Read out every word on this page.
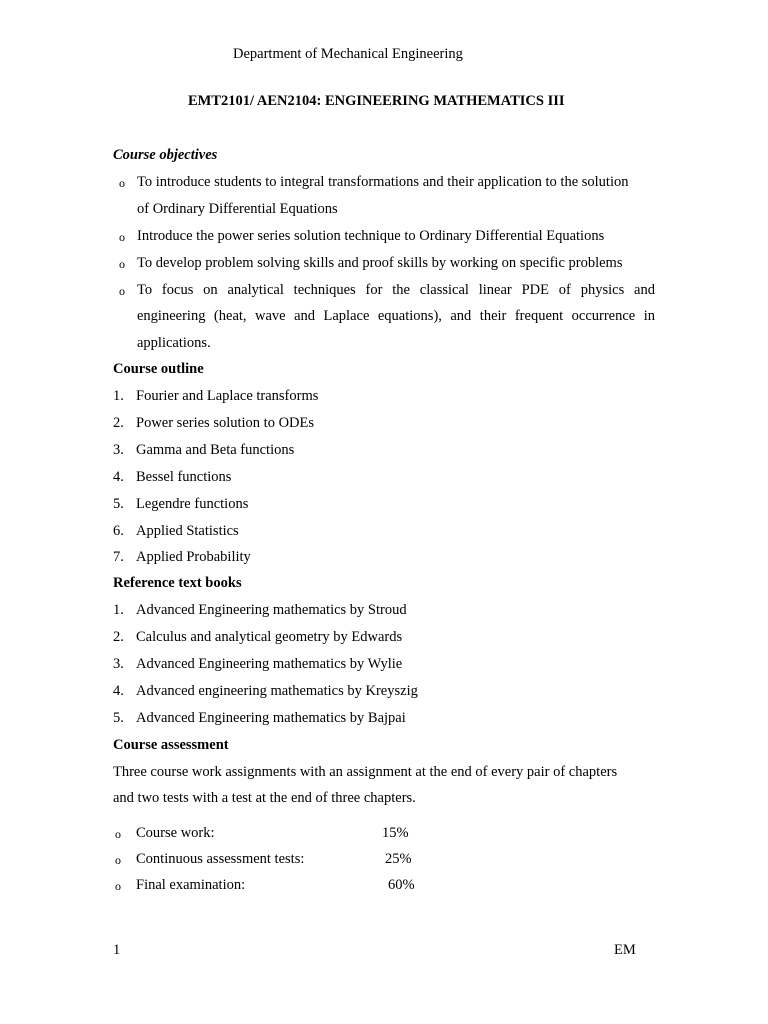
Department of Mechanical Engineering
EMT2101/ AEN2104: ENGINEERING MATHEMATICS III
Course objectives
o To introduce students to integral transformations and their application to the solution
of Ordinary Differential Equations
o Introduce the power series solution technique to Ordinary Differential Equations
o To develop problem solving skills and proof skills by working on specific problems
o To focus on analytical techniques for the classical linear PDE of physics and
engineering (heat, wave and Laplace equations), and their frequent occurrence in
applications.
Course outline
1. Fourier and Laplace transforms
2. Power series solution to ODEs
3. Gamma and Beta functions
4. Bessel functions
5. Legendre functions
6. Applied Statistics
7. Applied Probability
Reference text books
1. Advanced Engineering mathematics by Stroud
2. Calculus and analytical geometry by Edwards
3. Advanced Engineering mathematics by Wylie
4. Advanced engineering mathematics by Kreyszig
5. Advanced Engineering mathematics by Bajpai
Course assessment
Three course work assignments with an assignment at the end of every pair of chapters
and two tests with a test at the end of three chapters.
o Course work:	15%
o Continuous assessment tests:	25%
o Final examination:	60%
1	EM
